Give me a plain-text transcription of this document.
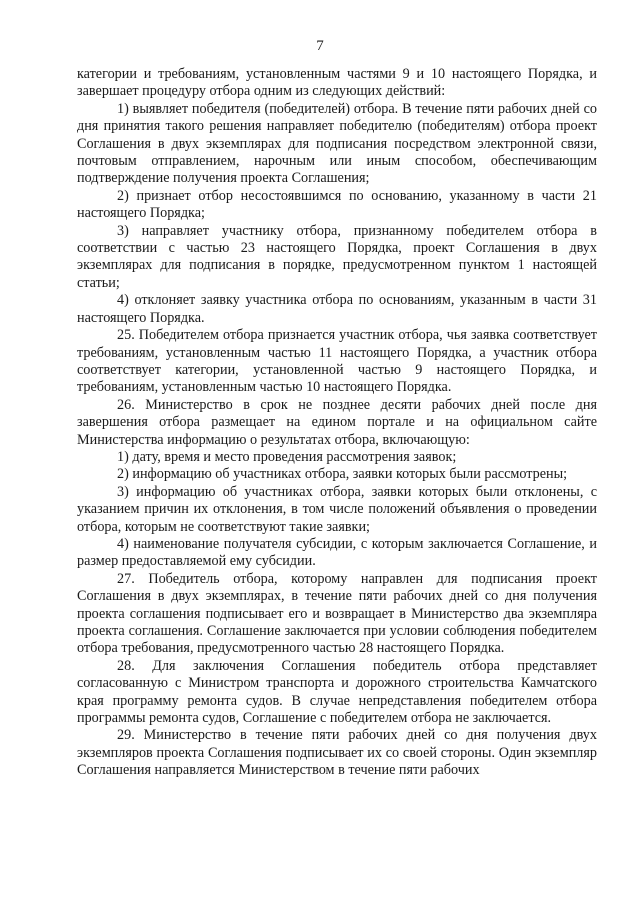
7

категории и требованиям, установленным частями 9 и 10 настоящего Порядка, и завершает процедуру отбора одним из следующих действий:

1) выявляет победителя (победителей) отбора. В течение пяти рабочих дней со дня принятия такого решения направляет победителю (победителям) отбора проект Соглашения в двух экземплярах для подписания посредством электронной связи, почтовым отправлением, нарочным или иным способом, обеспечивающим подтверждение получения проекта Соглашения;

2) признает отбор несостоявшимся по основанию, указанному в части 21 настоящего Порядка;

3) направляет участнику отбора, признанному победителем отбора в соответствии с частью 23 настоящего Порядка, проект Соглашения в двух экземплярах для подписания в порядке, предусмотренном пунктом 1 настоящей статьи;

4) отклоняет заявку участника отбора по основаниям, указанным в части 31 настоящего Порядка.

25. Победителем отбора признается участник отбора, чья заявка соответствует требованиям, установленным частью 11 настоящего Порядка, а участник отбора соответствует категории, установленной частью 9 настоящего Порядка, и требованиям, установленным частью 10 настоящего Порядка.

26. Министерство в срок не позднее десяти рабочих дней после дня завершения отбора размещает на едином портале и на официальном сайте Министерства информацию о результатах отбора, включающую:

1) дату, время и место проведения рассмотрения заявок;

2) информацию об участниках отбора, заявки которых были рассмотрены;

3) информацию об участниках отбора, заявки которых были отклонены, с указанием причин их отклонения, в том числе положений объявления о проведении отбора, которым не соответствуют такие заявки;

4) наименование получателя субсидии, с которым заключается Соглашение, и размер предоставляемой ему субсидии.

27. Победитель отбора, которому направлен для подписания проект Соглашения в двух экземплярах, в течение пяти рабочих дней со дня получения проекта соглашения подписывает его и возвращает в Министерство два экземпляра проекта соглашения. Соглашение заключается при условии соблюдения победителем отбора требования, предусмотренного частью 28 настоящего Порядка.

28. Для заключения Соглашения победитель отбора представляет согласованную с Министром транспорта и дорожного строительства Камчатского края программу ремонта судов. В случае непредставления победителем отбора программы ремонта судов, Соглашение с победителем отбора не заключается.

29. Министерство в течение пяти рабочих дней со дня получения двух экземпляров проекта Соглашения подписывает их со своей стороны. Один экземпляр Соглашения направляется Министерством в течение пяти рабочих
